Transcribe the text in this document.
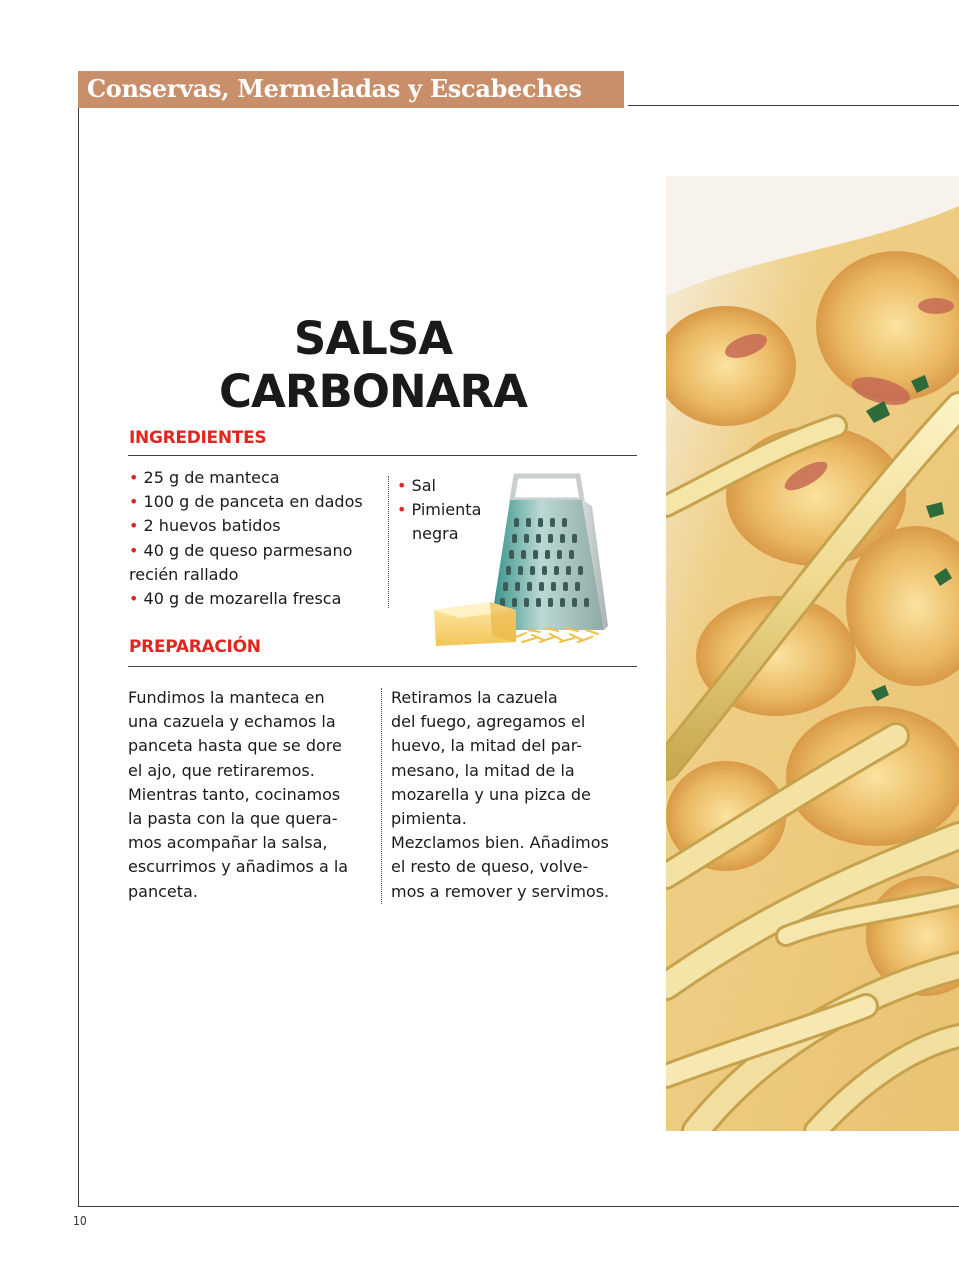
Conservas, Mermeladas y Escabeches
10
SALSA
CARBONARA
INGREDIENTES
• 25 g de manteca
• 100 g de panceta en dados
• 2 huevos batidos
• 40 g de queso parmesano
recién rallado
• 40 g de mozarella fresca
• Sal
• Pimienta
negra
PREPARACIÓN
Fundimos la manteca en
una cazuela y echamos la
panceta hasta que se dore
el ajo, que retiraremos.
Mientras tanto, cocinamos
la pasta con la que quera-
mos acompañar la salsa,
escurrimos y añadimos a la
panceta.
Retiramos la cazuela
del fuego, agregamos el
huevo, la mitad del par-
mesano, la mitad de la
mozarella y una pizca de
pimienta.
Mezclamos bien. Añadimos
el resto de queso, volve-
mos a remover y servimos.
